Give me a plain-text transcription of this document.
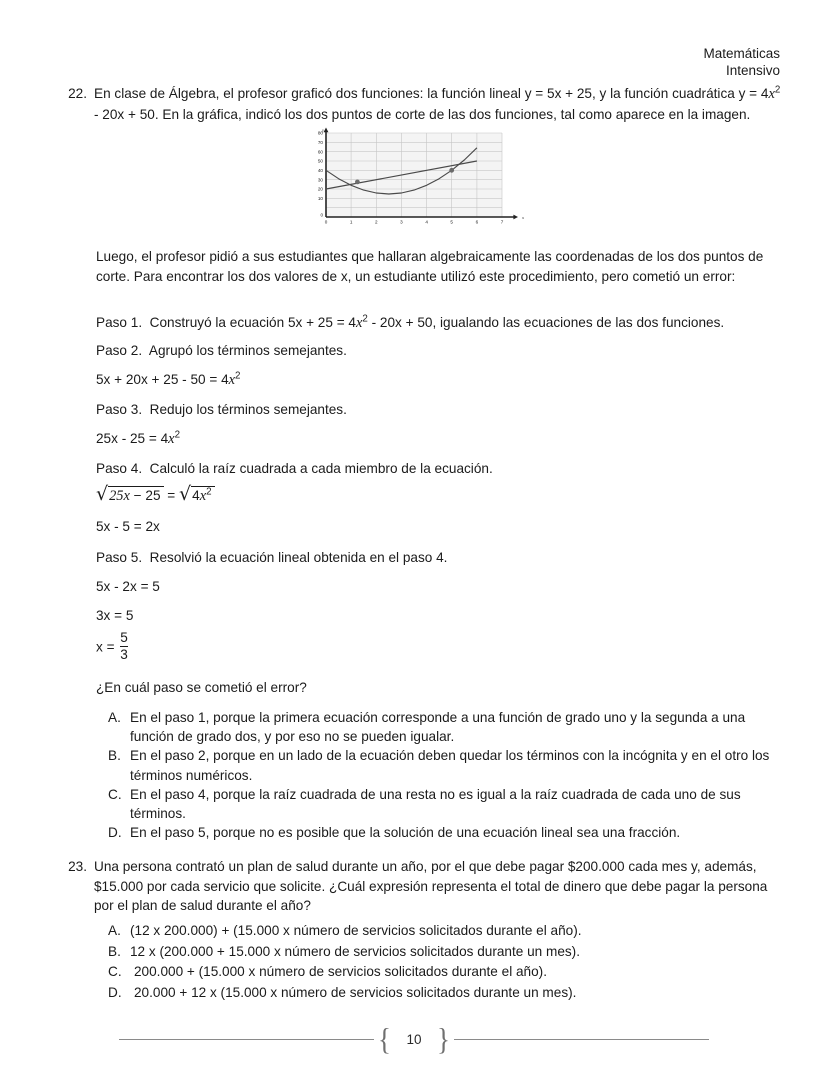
Matemáticas
Intensivo
22. En clase de Álgebra, el profesor graficó dos funciones: la función lineal y = 5x + 25, y la función cuadrática $y = 4x^2 - 20x + 50$. En la gráfica, indicó los dos puntos de corte de las dos funciones, tal como aparece en la imagen.
y
x
80
70
60
50
40
30
20
10
0
0	1	2	3	4	5	6	7
Luego, el profesor pidió a sus estudiantes que hallaran algebraicamente las coordenadas de los dos puntos de corte. Para encontrar los dos valores de x, un estudiante utilizó este procedimiento, pero cometió un error:
Paso 1. Construyó la ecuación $5x + 25 = 4x^2 - 20x + 50$, igualando las ecuaciones de las dos funciones.
Paso 2. Agrupó los términos semejantes.
$5x + 20x + 25 - 50 = 4x^2$
Paso 3. Redujo los términos semejantes.
$25x - 25 = 4x^2$
Paso 4. Calculó la raíz cuadrada a cada miembro de la ecuación.
√ 25x − 25 = √ $4x^2$
5x - 5 = 2x
Paso 5. Resolvió la ecuación lineal obtenida en el paso 4.
5x - 2x = 5
3x = 5
$x = \frac{5}{3}$
¿En cuál paso se cometió el error?
A. En el paso 1, porque la primera ecuación corresponde a una función de grado uno y la segunda a una función de grado dos, y por eso no se pueden igualar.
B. En el paso 2, porque en un lado de la ecuación deben quedar los términos con la incógnita y en el otro los términos numéricos.
C. En el paso 4, porque la raíz cuadrada de una resta no es igual a la raíz cuadrada de cada uno de sus términos.
D. En el paso 5, porque no es posible que la solución de una ecuación lineal sea una fracción.
23. Una persona contrató un plan de salud durante un año, por el que debe pagar $200.000 cada mes y, además, $15.000 por cada servicio que solicite. ¿Cuál expresión representa el total de dinero que debe pagar la persona por el plan de salud durante el año?
A. (12 x 200.000) + (15.000 x número de servicios solicitados durante el año).
B. 12 x (200.000 + 15.000 x número de servicios solicitados durante un mes).
C. 200.000 + (15.000 x número de servicios solicitados durante el año).
D. 20.000 + 12 x (15.000 x número de servicios solicitados durante un mes).
{	10 }
